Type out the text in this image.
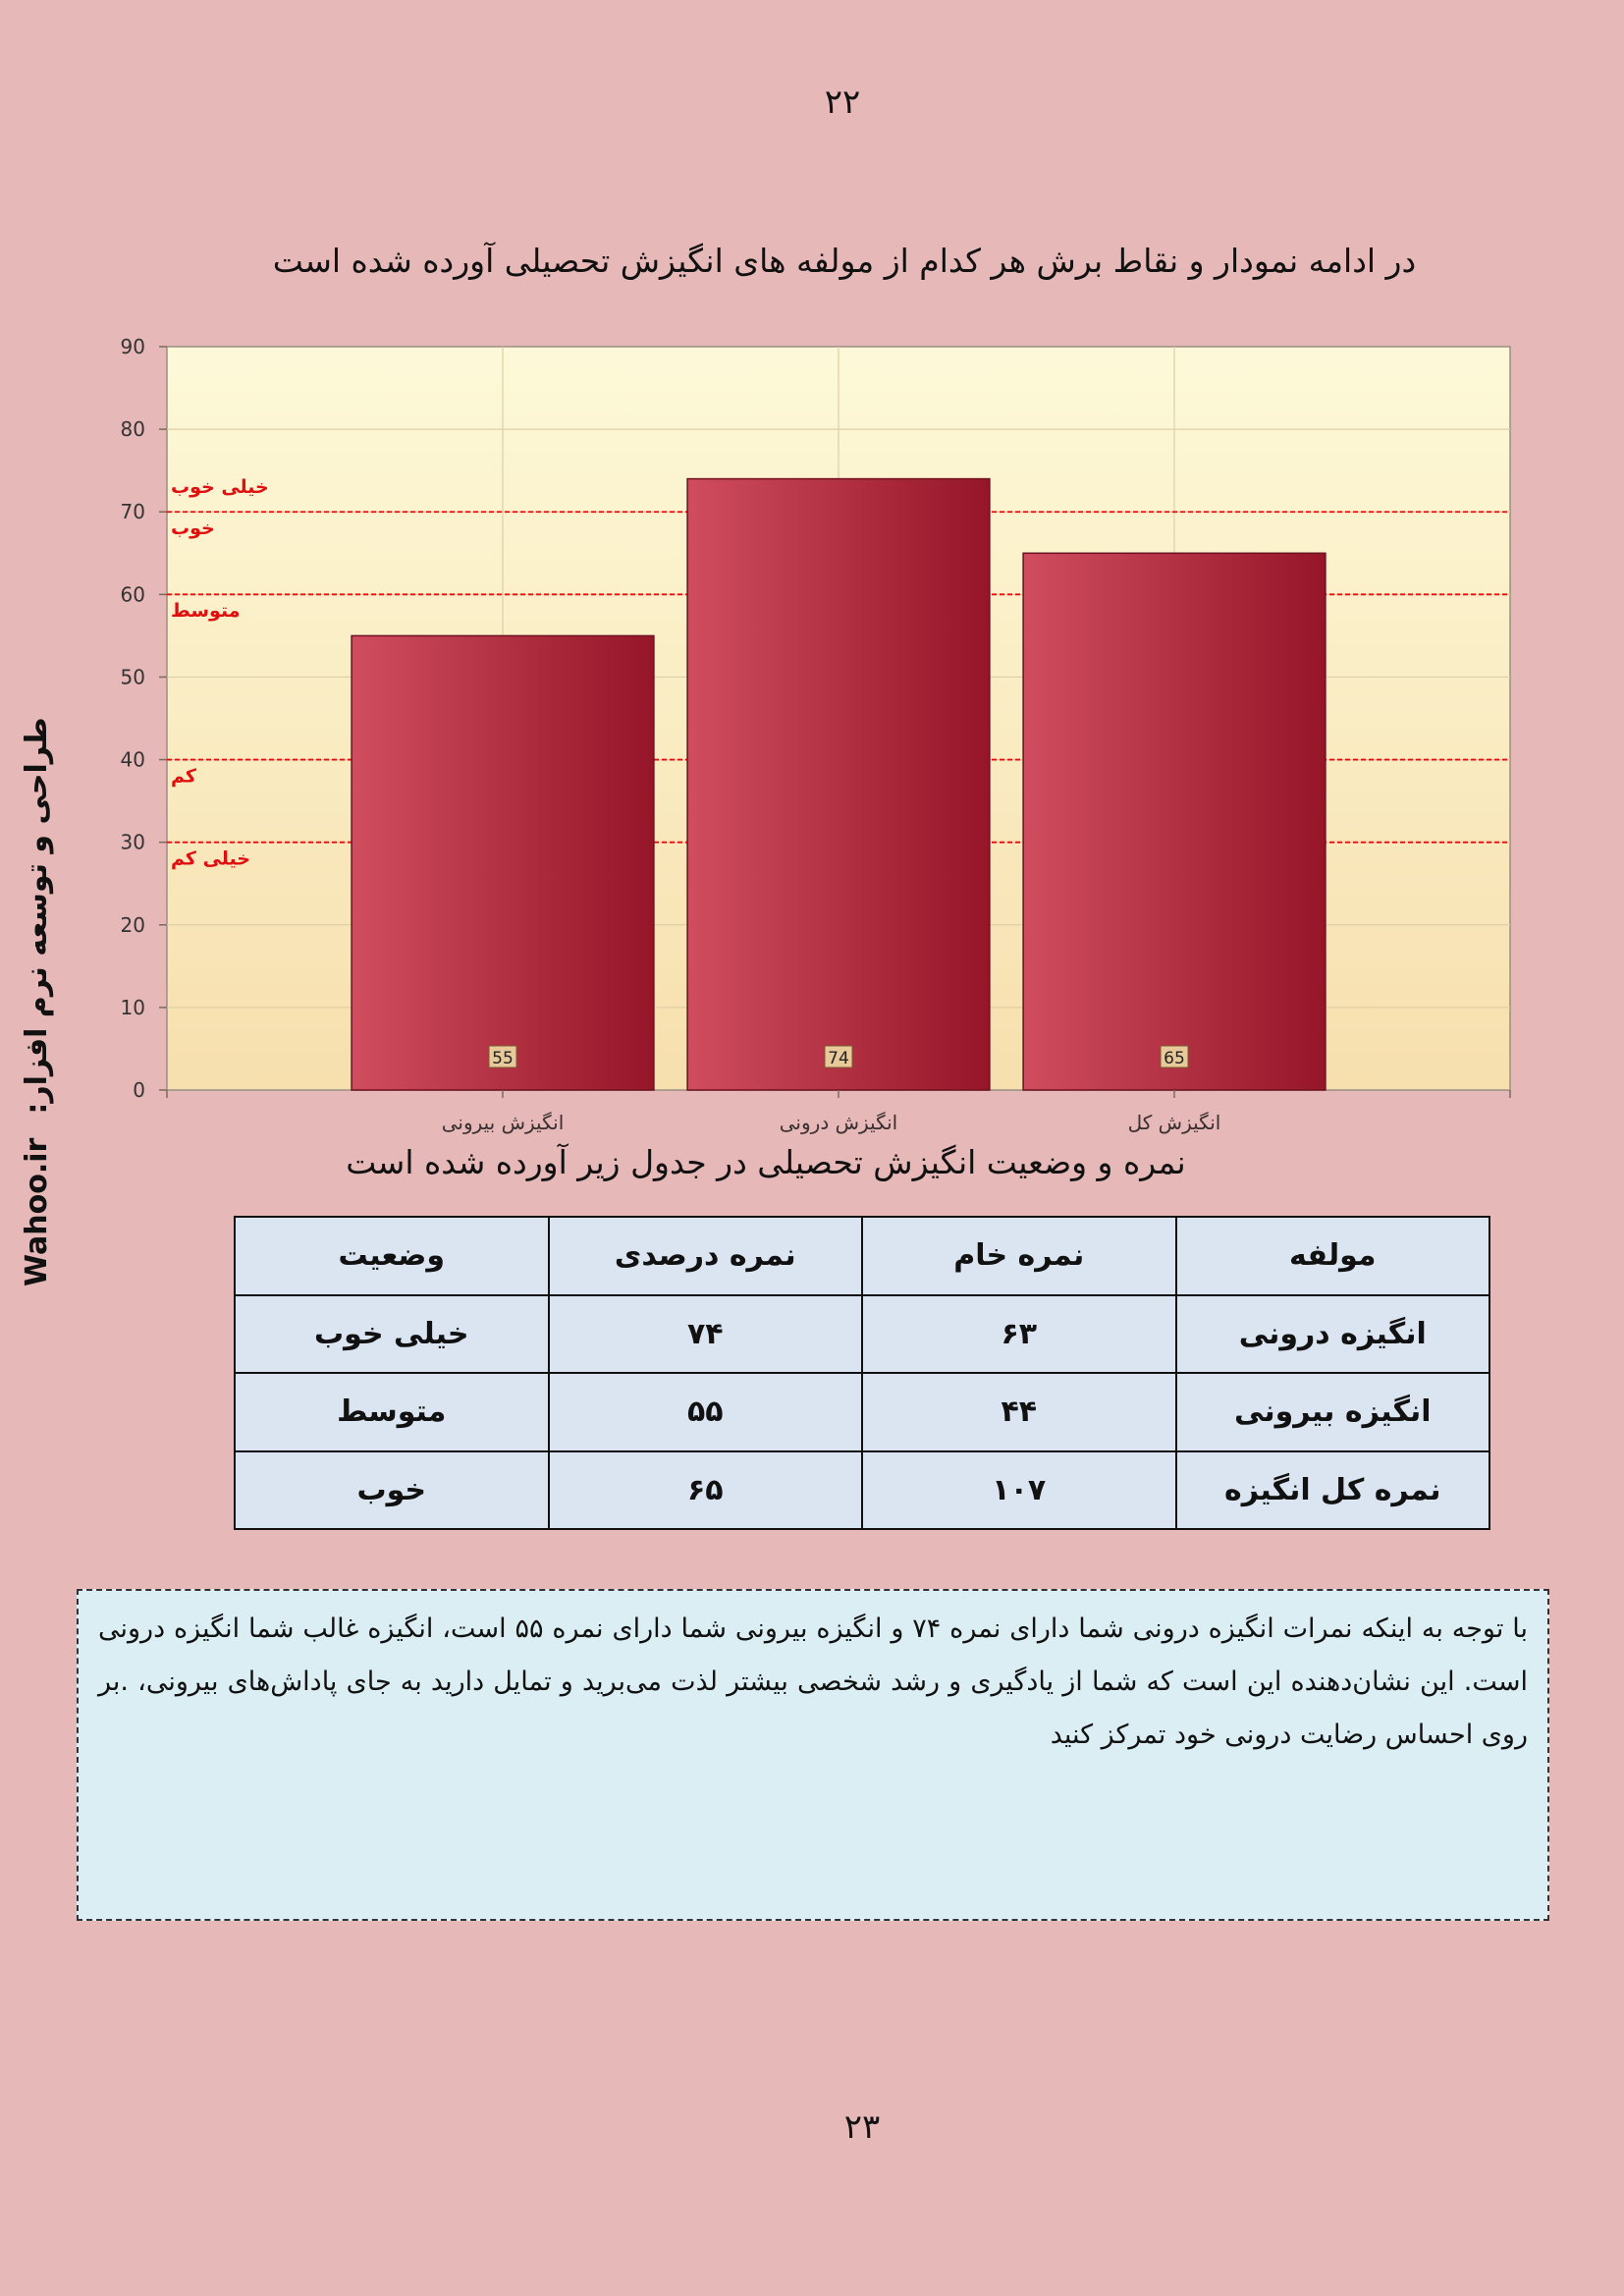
۲۲
در ادامه نمودار و نقاط برش هر کدام از مولفه های انگیزش تحصیلی آورده شده است
Wahoo.ir
طراحی و توسعه نرم افزار:	0
10
20
30
40
50
60
70
80
90
55	74	65
خیلی خوب
خوب
متوسط
کم
خیلی کم
انگیزش بیرونی	انگیزش درونی	انگیزش کل
نمره و وضعیت انگیزش تحصیلی در جدول زیر آورده شده است
مولفه	نمره خام	نمره درصدی	وضعیت
انگیزه درونی	۶۳	۷۴	خیلی خوب
انگیزه بیرونی	۴۴	۵۵	متوسط
نمره کل انگیزه	۱۰۷	۶۵	خوب
با توجه به اینکه نمرات انگیزه درونی شما دارای نمره ۷۴ و انگیزه بیرونی شما دارای نمره ۵۵ است، انگیزه غالب شما انگیزه درونی است. این نشان‌دهنده این است که شما از یادگیری و رشد شخصی بیشتر لذت می‌برید و تمایل دارید به جای پاداش‌های بیرونی، .بر روی احساس رضایت درونی خود تمرکز کنید
۲۳
